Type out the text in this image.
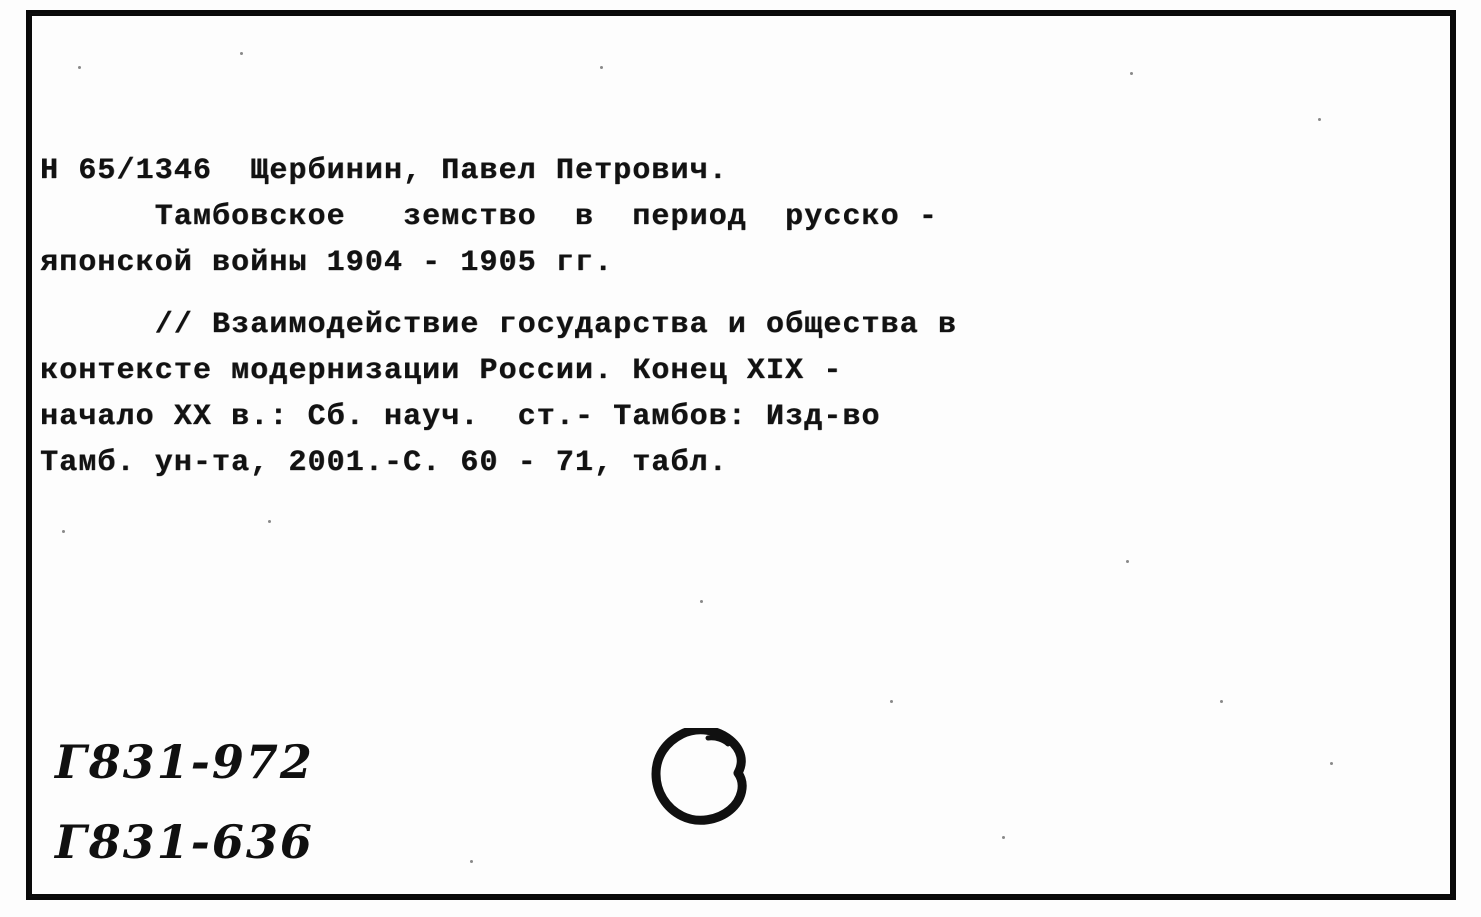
Н 65/1346  Щербинин, Павел Петрович.
Тамбовское   земство  в  период  русско -
японской войны 1904 - 1905 гг.
// Взаимодействие государства и общества в
контексте модернизации России. Конец XIX -
начало XX в.: Сб. науч.  ст.- Тамбов: Изд-во
Тамб. ун-та, 2001.-С. 60 - 71, табл.
Г831-972
Г831-636
